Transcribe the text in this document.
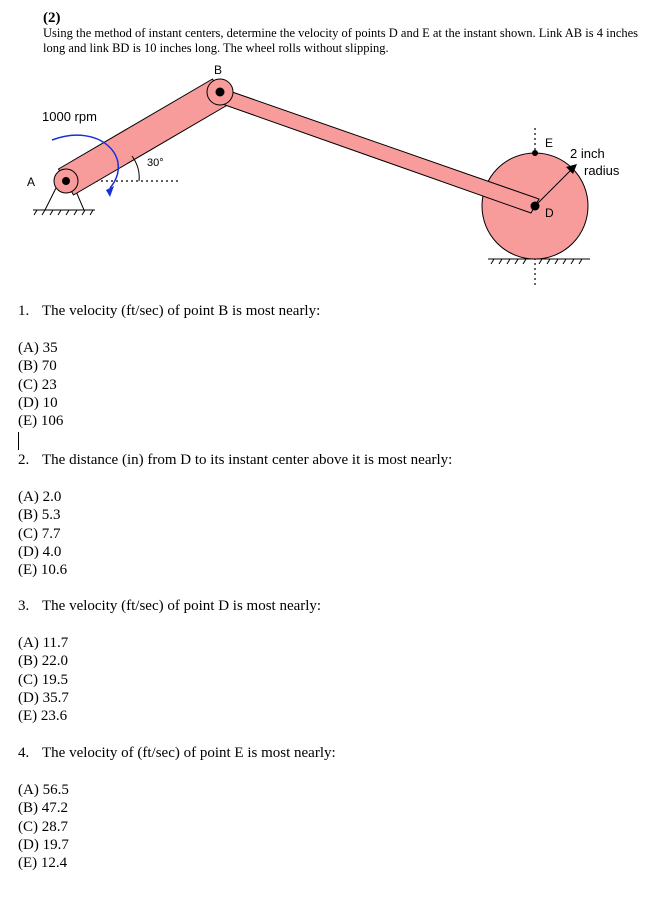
(2)
Using the method of instant centers, determine the velocity of points D and E at the instant shown. Link AB is 4 inches long and link BD is 10 inches long. The wheel rolls without slipping.
1000 rpm
30°
A
B
D
E
2 inch
radius
1. The velocity (ft/sec) of point B is most nearly:
(A) 35
(B) 70
(C) 23
(D) 10
(E) 106
2. The distance (in) from D to its instant center above it is most nearly:
(A) 2.0
(B) 5.3
(C) 7.7
(D) 4.0
(E) 10.6
3. The velocity (ft/sec) of point D is most nearly:
(A) 11.7
(B) 22.0
(C) 19.5
(D) 35.7
(E) 23.6
4. The velocity of (ft/sec) of point E is most nearly:
(A) 56.5
(B) 47.2
(C) 28.7
(D) 19.7
(E) 12.4
